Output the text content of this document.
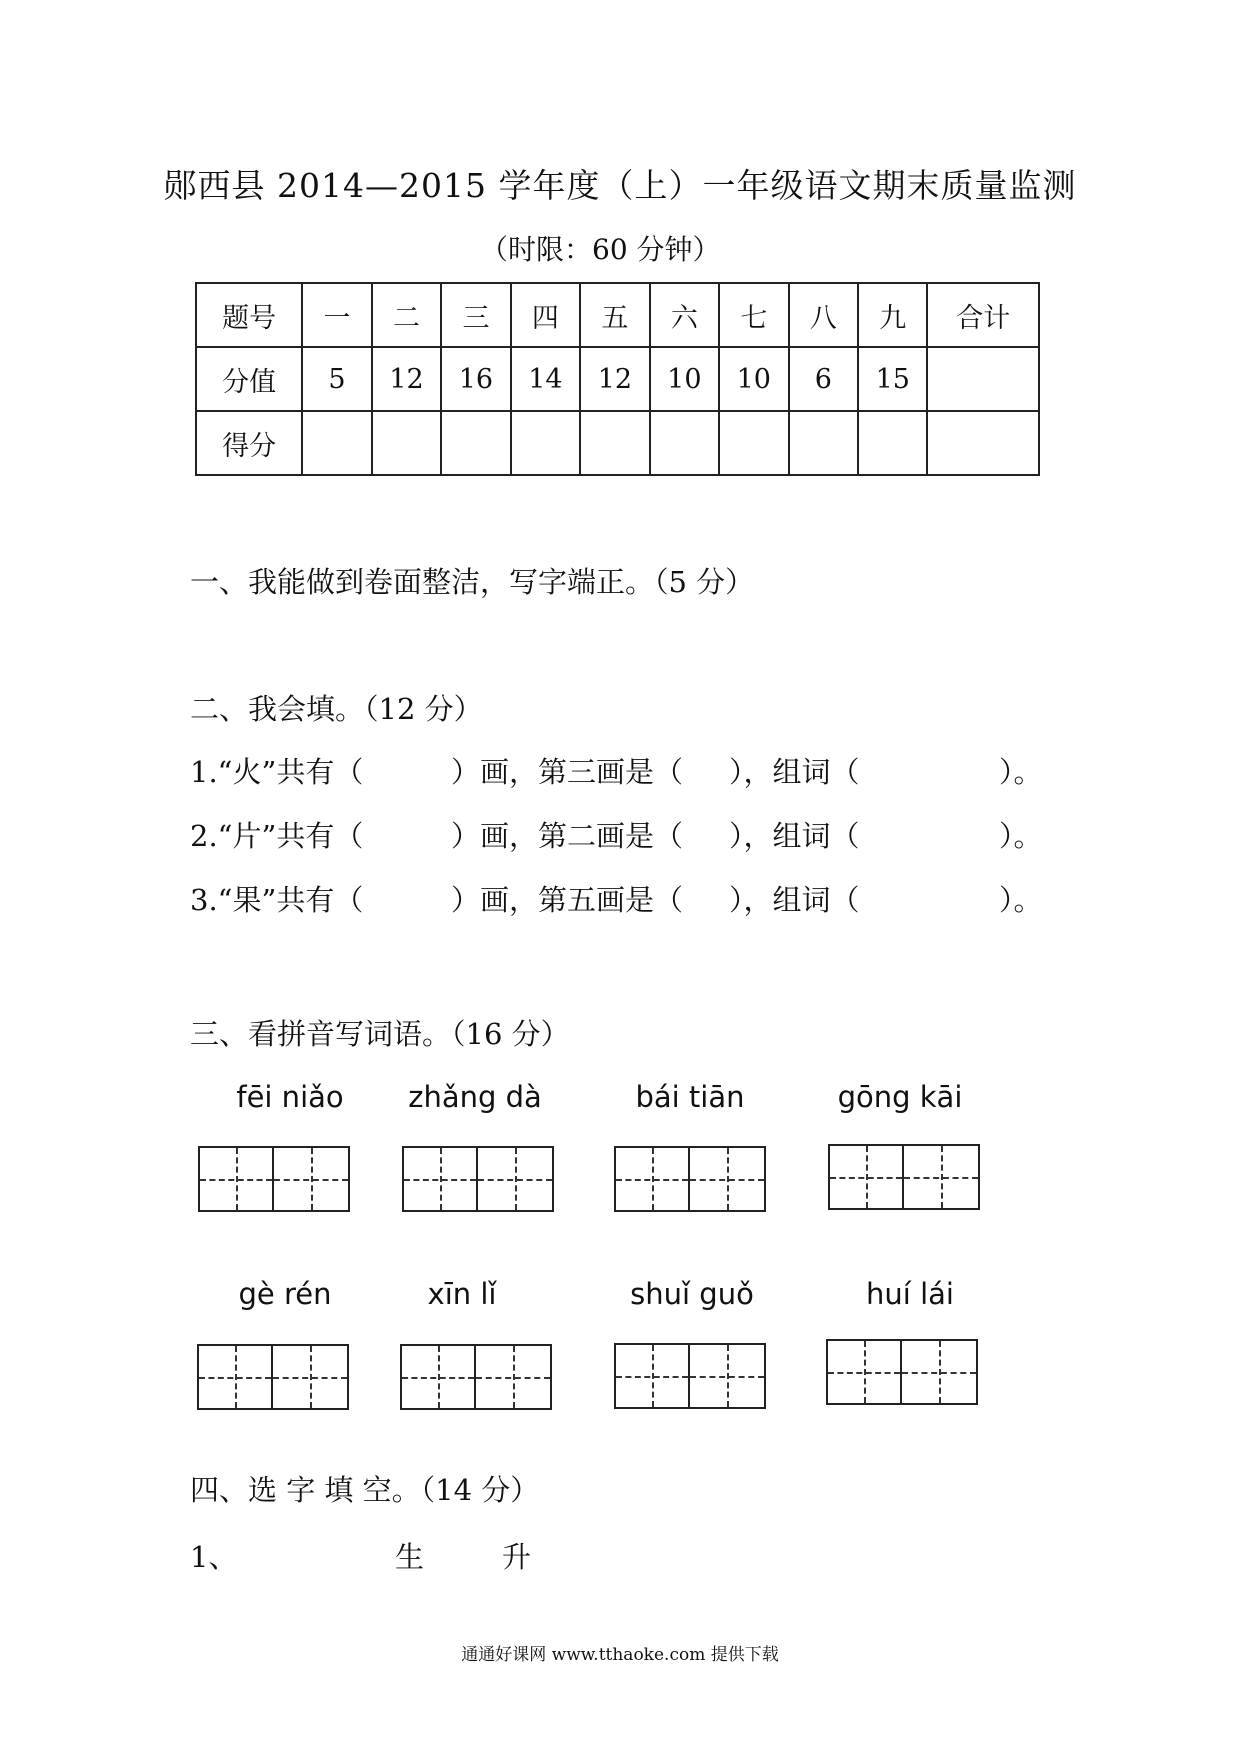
郧西县 2014—2015 学年度（上）一年级语文期末质量监测
（时限：60 分钟）
题号	一	二	三	四	五	六	七	八	九	合计
分值	5	12	16	14	12	10	10	6	15	
得分										
一、我能做到卷面整洁，写字端正。（5 分）
二、我会填。（12 分）
1.“火”共有（	）画，第三画是（ ），组词（	）。
2.“片”共有（	）画，第二画是（ ），组词（	）。
3.“果”共有（	）画，第五画是（ ），组词（	）。
三、看拼音写词语。（16 分）
fēi niǎo	zhǎng dà	bái tiān	gōng kāi
gè rén	xīn lǐ	shuǐ guǒ	huí lái
四、选 字 填 空。（14 分）
1、	生	升
通通好课网 www.tthaoke.com 提供下载
